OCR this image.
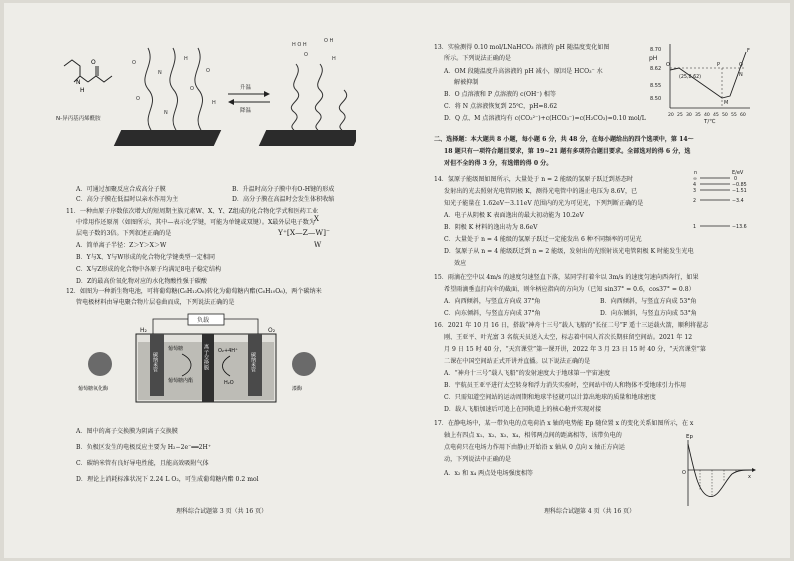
O
H
N
N-异丙基丙烯酰胺
O
N
O
H
O
N
O
H
升温
降温
H O H
O H
O
H
A．可通过加聚反应合成高分子膜	B．升温时高分子膜中有O-H键的形成
C．高分子膜在低温时以亲水作用为主	D．高分子膜在高温时会发生体积收缩
11．一种由原子序数依次增大的短周期主族元素W、X、Y、Z组成的化合物化学式和医药工业
中常用作还原剂（如图所示，其中—表示化学键，可能为单键或双键）。X最外层电子数为
层电子数的3倍。下列叙述正确的是
A．简单离子半径：Z＞Y＞X＞W
B．Y与X、Y与W形成的化合物化学键类型一定相同
C．X与Z形成的化合物中各原子均满足8电子稳定结构
D．Z的最高价氧化物对应的水化物酸性强于碳酸
X
Y⁺[X—Z—W]⁻
W
12．如图为一种新生物电池，可将葡萄糖(C₆H₁₂O₆)转化为葡萄糖内酯(C₆H₁₀O₆)，两个碳纳米
管电极材料由导电聚合物片层卷曲而成，下列说法正确的是
负载
H₂	O₂
碳纳米管	碳纳米管
离子交换膜
葡萄糖
葡萄糖内酯
O₂+4H⁺
H₂O
葡萄糖氧化酶	漆酶
A．图中的离子交换膜为阴离子交换膜
B．负极区发生的电极反应主要为 H₂−2e⁻══2H⁺
C．碳纳米管有良好导电性能，且能高效吸附气体
D．理论上消耗标准状况下 2.24 L O₂，可生成葡萄糖内酯 0.2 mol
理科综合试题第 3 页（共 16 页）
13．实验测得 0.10 mol/LNaHCO₃ 溶液的 pH 随温度变化如图
所示。下列说法正确的是
A．OM 段随温度升高溶液的 pH 减小，原因是 HCO₃⁻ 水
解被抑制
B．O 点溶液和 P 点溶液的 c(OH⁻) 相等
C．将 N 点溶液恢复到 25℃，pH=8.62
D．Q 点、M 点溶液均有 c(CO₃²⁻)+c(HCO₃⁻)=c(H₂CO₃)=0.10 mol/L
pH
8.70
8.62
8.55
8.50
20 25 30 35 40 45 50 55 60
T/℃
(25,8.62)
O	P	Q
M
N
F
二、选择题：本大题共 8 小题，每小题 6 分，共 48 分，在每小题给出的四个选项中，第 14～
18 题只有一项符合题目要求，第 19~21 题有多项符合题目要求。全部选对的得 6 分，选
对但不全的得 3 分，有选错的得 0 分。
14．氢原子能级图如图所示，大量处于 n = 2 能级的氢原子跃迁到基态时
发射出的光去照射光电管阴极 K，测得光电管中的遏止电压为 8.6V，已
知光子能量在 1.62eV～3.11eV 范围内的光为可见光，下列判断正确的是
A．电子从阴极 K 表面逸出的最大初动能为 10.2eV
B．阴极 K 材料的逸出功为 8.6eV
C．大量处于 n = 4 能级的氢原子跃迁一定能发出 6 种不同频率的可见光
D．氢原子从 n = 4 能级跃迁到 n = 2 能级，发射出的光照射该光电管阴极 K 时能发生光电
效应
n	E/eV
∞	0
4	−0.85
3	−1.51
2	−3.4
1	−13.6
15．雨滴在空中以 4m/s 的速度匀速竖直下落，某同学打着伞以 3m/s 的速度匀速向西奔行，如果
希望雨滴垂直打向伞的截面，则伞柄应指向的方向为（已知 sin37° = 0.6，cos37° = 0.8）
A．向西倾斜，与竖直方向成 37°角	B．向西倾斜，与竖直方向成 53°角
C．向东倾斜，与竖直方向成 37°角	D．向东倾斜，与竖直方向成 53°角
16．2021 年 10 月 16 日，搭载“神舟十三号”载人飞船的“长征二号”F 遥十三运载火箭，顺利将翟志
刚、王亚平、叶光富 3 名航天员送入太空，标志着中国人首次长期驻留空间站。2021 年 12
月 9 日 15 时 40 分，“天宫课堂”第一课开讲，2022 年 3 月 23 日 15 时 40 分，“天宫课堂”第
二课在中国空间站正式开讲并直播。以下说法正确的是
A．“神舟十三号”载人飞船”的发射速度大于地球第一宇宙速度
B．宇航员王亚平进行太空转身和浮力消失实验时，空间站中的人和物体不受地球引力作用
C．只需知道空间站的运动周期和地球半径就可以计算出地球的质量和地球密度
D．载人飞船加速后可追上在同轨道上的核心舱并实现对接
17．在静电场中，某一带负电的点电荷沿 x 轴的电势能 Ep 随位置 x 的变化关系如图所示，在 x
轴上有四点 x₁、x₂、x₃、x₄，相邻两点间的距离相等，该带负电的
点电荷只在电场力作用下由静止开始沿 x 轴从 0 点向 x 轴正方向运
动，下列说法中正确的是
A．x₂ 和 x₄ 两点处电场强度相等
Ep
O
x
理科综合试题第 4 页（共 16 页）
